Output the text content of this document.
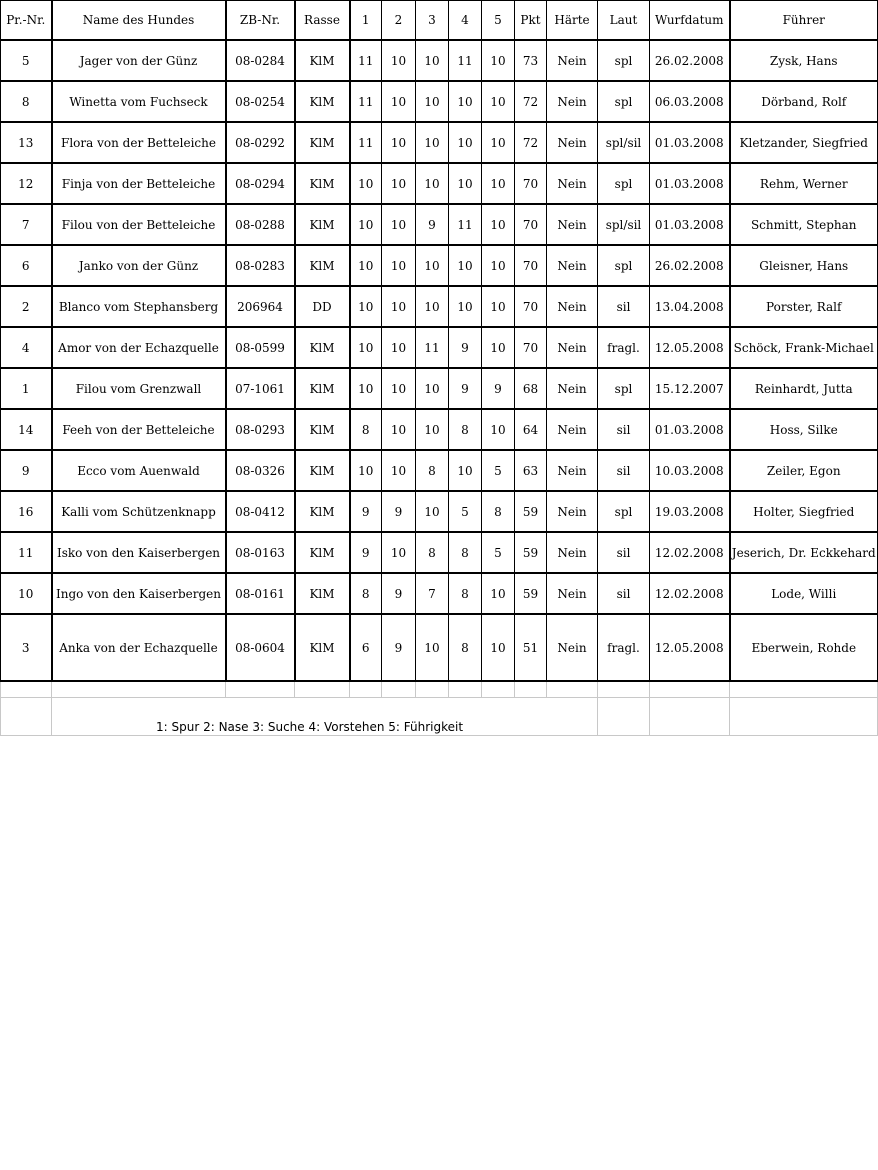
Pr.-Nr.	Name des Hundes	ZB-Nr.	Rasse	1	2	3	4	5	Pkt	Härte	Laut	Wurfdatum	Führer
5	Jager von der Günz	08-0284	KlM	11	10	10	11	10	73	Nein	spl	26.02.2008	Zysk, Hans
8	Winetta vom Fuchseck	08-0254	KlM	11	10	10	10	10	72	Nein	spl	06.03.2008	Dörband, Rolf
13	Flora von der Betteleiche	08-0292	KlM	11	10	10	10	10	72	Nein	spl/sil	01.03.2008	Kletzander, Siegfried
12	Finja von der Betteleiche	08-0294	KlM	10	10	10	10	10	70	Nein	spl	01.03.2008	Rehm, Werner
7	Filou von der Betteleiche	08-0288	KlM	10	10	9	11	10	70	Nein	spl/sil	01.03.2008	Schmitt, Stephan
6	Janko von der Günz	08-0283	KlM	10	10	10	10	10	70	Nein	spl	26.02.2008	Gleisner, Hans
2	Blanco vom Stephansberg	206964	DD	10	10	10	10	10	70	Nein	sil	13.04.2008	Porster, Ralf
4	Amor von der Echazquelle	08-0599	KlM	10	10	11	9	10	70	Nein	fragl.	12.05.2008	Schöck, Frank-Michael
1	Filou vom Grenzwall	07-1061	KlM	10	10	10	9	9	68	Nein	spl	15.12.2007	Reinhardt, Jutta
14	Feeh von der Betteleiche	08-0293	KlM	8	10	10	8	10	64	Nein	sil	01.03.2008	Hoss, Silke
9	Ecco vom Auenwald	08-0326	KlM	10	10	8	10	5	63	Nein	sil	10.03.2008	Zeiler, Egon
16	Kalli vom Schützenknapp	08-0412	KlM	9	9	10	5	8	59	Nein	spl	19.03.2008	Holter, Siegfried
11	Isko von den Kaiserbergen	08-0163	KlM	9	10	8	8	5	59	Nein	sil	12.02.2008	Jeserich, Dr. Eckkehard
10	Ingo von den Kaiserbergen	08-0161	KlM	8	9	7	8	10	59	Nein	sil	12.02.2008	Lode, Willi
3	Anka von der Echazquelle	08-0604	KlM	6	9	10	8	10	51	Nein	fragl.	12.05.2008	Eberwein, Rohde

	1: Spur 2: Nase 3: Suche 4: Vorstehen 5: Führigkeit												
